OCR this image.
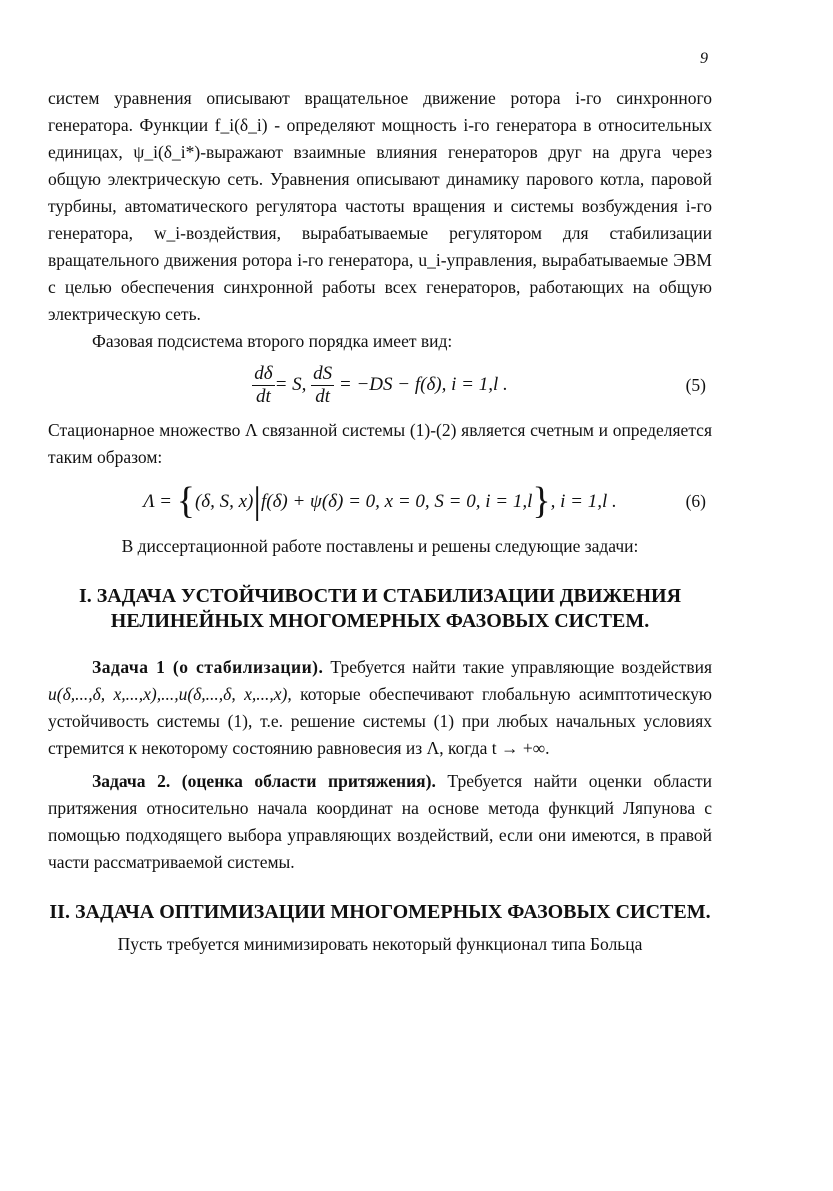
9

систем уравнения описывают вращательное движение ротора i-го синхронного генератора. Функции f_i(δ_i) - определяют мощность i-го генератора в относительных единицах, ψ_i(δ_i*)-выражают взаимные влияния генераторов друг на друга через общую электрическую сеть. Уравнения описывают динамику парового котла, паровой турбины, автоматического регулятора частоты вращения и системы возбуждения i-го генератора, w_i-воздействия, вырабатываемые регулятором для стабилизации вращательного движения ротора i-го генератора, u_i-управления, вырабатываемые ЭВМ с целью обеспечения синхронной работы всех генераторов, работающих на общую электрическую сеть.

Фазовая подсистема второго порядка имеет вид:

$\frac{d\delta}{dt} = S$, $\frac{dS}{dt} = -DS - f(\delta)$, i = 1,l .	(5)

Стационарное множество Λ связанной системы (1)-(2) является счетным и определяется таким образом:

Λ = {(δ, S, x)|f(δ) + ψ(δ) = 0, x = 0, S = 0, i = 1,l}, i = 1,l .	(6)

В диссертационной работе поставлены и решены следующие задачи:

I. ЗАДАЧА УСТОЙЧИВОСТИ И СТАБИЛИЗАЦИИ ДВИЖЕНИЯ НЕЛИНЕЙНЫХ МНОГОМЕРНЫХ ФАЗОВЫХ СИСТЕМ.

Задача 1 (о стабилизации). Требуется найти такие управляющие воздействия u(δ,...,δ, x,...,x),...,u(δ,...,δ, x,...,x), которые обеспечивают глобальную асимптотическую устойчивость системы (1), т.е. решение системы (1) при любых начальных условиях стремится к некоторому состоянию равновесия из Λ, когда t → +∞.

Задача 2. (оценка области притяжения). Требуется найти оценки области притяжения относительно начала координат на основе метода функций Ляпунова с помощью подходящего выбора управляющих воздействий, если они имеются, в правой части рассматриваемой системы.

II. ЗАДАЧА ОПТИМИЗАЦИИ МНОГОМЕРНЫХ ФАЗОВЫХ СИСТЕМ.

Пусть требуется минимизировать некоторый функционал типа Больца
